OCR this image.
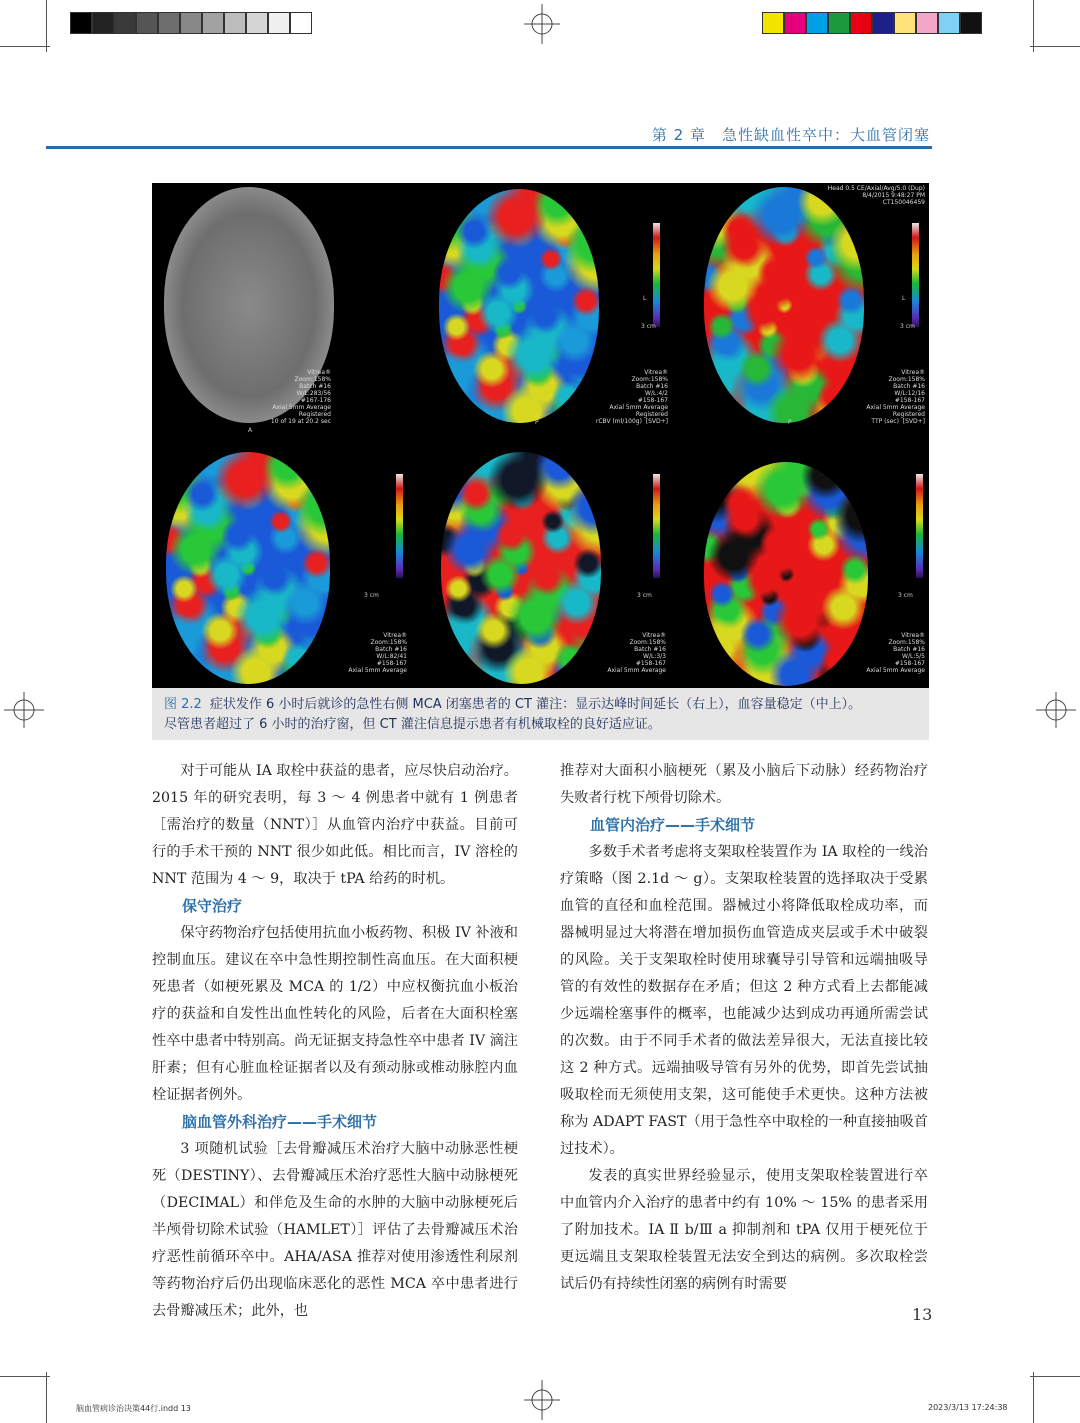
第 2 章　急性缺血性卒中：大血管闭塞
Vitrea®
Zoom:158%
Batch #16
W/L:283/56
#167-176
Axial 5mm Average
Registered
10 of 19 at 20.2 sec
A
L
3 cm
Vitrea®
Zoom:158%
Batch #16
W/L:4/2
#158-167
Axial 5mm Average
Registered
rCBV (ml/100g)  [SVD+]
P
Head 0.5 CE/Axial/Avg/5.0 (Dup)
8/4/2015 9:48:27 PM
CT150046459
L
3 cm
Vitrea®
Zoom:158%
Batch #16
W/L:12/16
#158-167
Axial 5mm Average
Registered
TTP (sec)  [SVD+]
P
3 cm
Vitrea®
Zoom:158%
Batch #16
W/L:82/41
#158-167
Axial 5mm Average
3 cm
Vitrea®
Zoom:158%
Batch #16
W/L:3/3
#158-167
Axial 5mm Average
3 cm
Vitrea®
Zoom:158%
Batch #16
W/L:5/5
#158-167
Axial 5mm Average
图 2.2 症状发作 6 小时后就诊的急性右侧 MCA 闭塞患者的 CT 灌注：显示达峰时间延长（右上），血容量稳定（中上）。
尽管患者超过了 6 小时的治疗窗，但 CT 灌注信息提示患者有机械取栓的良好适应证。

对于可能从 IA 取栓中获益的患者，应尽快启动治疗。2015 年的研究表明，每 3 ～ 4 例患者中就有 1 例患者［需治疗的数量（NNT）］从血管内治疗中获益。目前可行的手术干预的 NNT 很少如此低。相比而言，IV 溶栓的 NNT 范围为 4 ～ 9，取决于 tPA 给药的时机。

保守治疗

保守药物治疗包括使用抗血小板药物、积极 IV 补液和控制血压。建议在卒中急性期控制性高血压。在大面积梗死患者（如梗死累及 MCA 的 1/2）中应权衡抗血小板治疗的获益和自发性出血性转化的风险，后者在大面积栓塞性卒中患者中特别高。尚无证据支持急性卒中患者 IV 滴注肝素；但有心脏血栓证据者以及有颈动脉或椎动脉腔内血栓证据者例外。

脑血管外科治疗——手术细节

3 项随机试验［去骨瓣减压术治疗大脑中动脉恶性梗死（DESTINY）、去骨瓣减压术治疗恶性大脑中动脉梗死（DECIMAL）和伴危及生命的水肿的大脑中动脉梗死后半颅骨切除术试验（HAMLET）］评估了去骨瓣减压术治疗恶性前循环卒中。AHA/ASA 推荐对使用渗透性利尿剂等药物治疗后仍出现临床恶化的恶性 MCA 卒中患者进行去骨瓣减压术；此外，也

推荐对大面积小脑梗死（累及小脑后下动脉）经药物治疗失败者行枕下颅骨切除术。

血管内治疗——手术细节

多数手术者考虑将支架取栓装置作为 IA 取栓的一线治疗策略（图 2.1d ～ g）。支架取栓装置的选择取决于受累血管的直径和血栓范围。器械过小将降低取栓成功率，而器械明显过大将潜在增加损伤血管造成夹层或手术中破裂的风险。关于支架取栓时使用球囊导引导管和远端抽吸导管的有效性的数据存在矛盾；但这 2 种方式看上去都能减少远端栓塞事件的概率，也能减少达到成功再通所需尝试的次数。由于不同手术者的做法差异很大，无法直接比较这 2 种方式。远端抽吸导管有另外的优势，即首先尝试抽吸取栓而无须使用支架，这可能使手术更快。这种方法被称为 ADAPT FAST（用于急性卒中取栓的一种直接抽吸首过技术）。

发表的真实世界经验显示，使用支架取栓装置进行卒中血管内介入治疗的患者中约有 10% ～ 15% 的患者采用了附加技术。IA Ⅱ b/Ⅲ a 抑制剂和 tPA 仅用于梗死位于更远端且支架取栓装置无法安全到达的病例。多次取栓尝试后仍有持续性闭塞的病例有时需要

13
脑血管病诊治决策44行.indd 13	2023/3/13 17:24:38
